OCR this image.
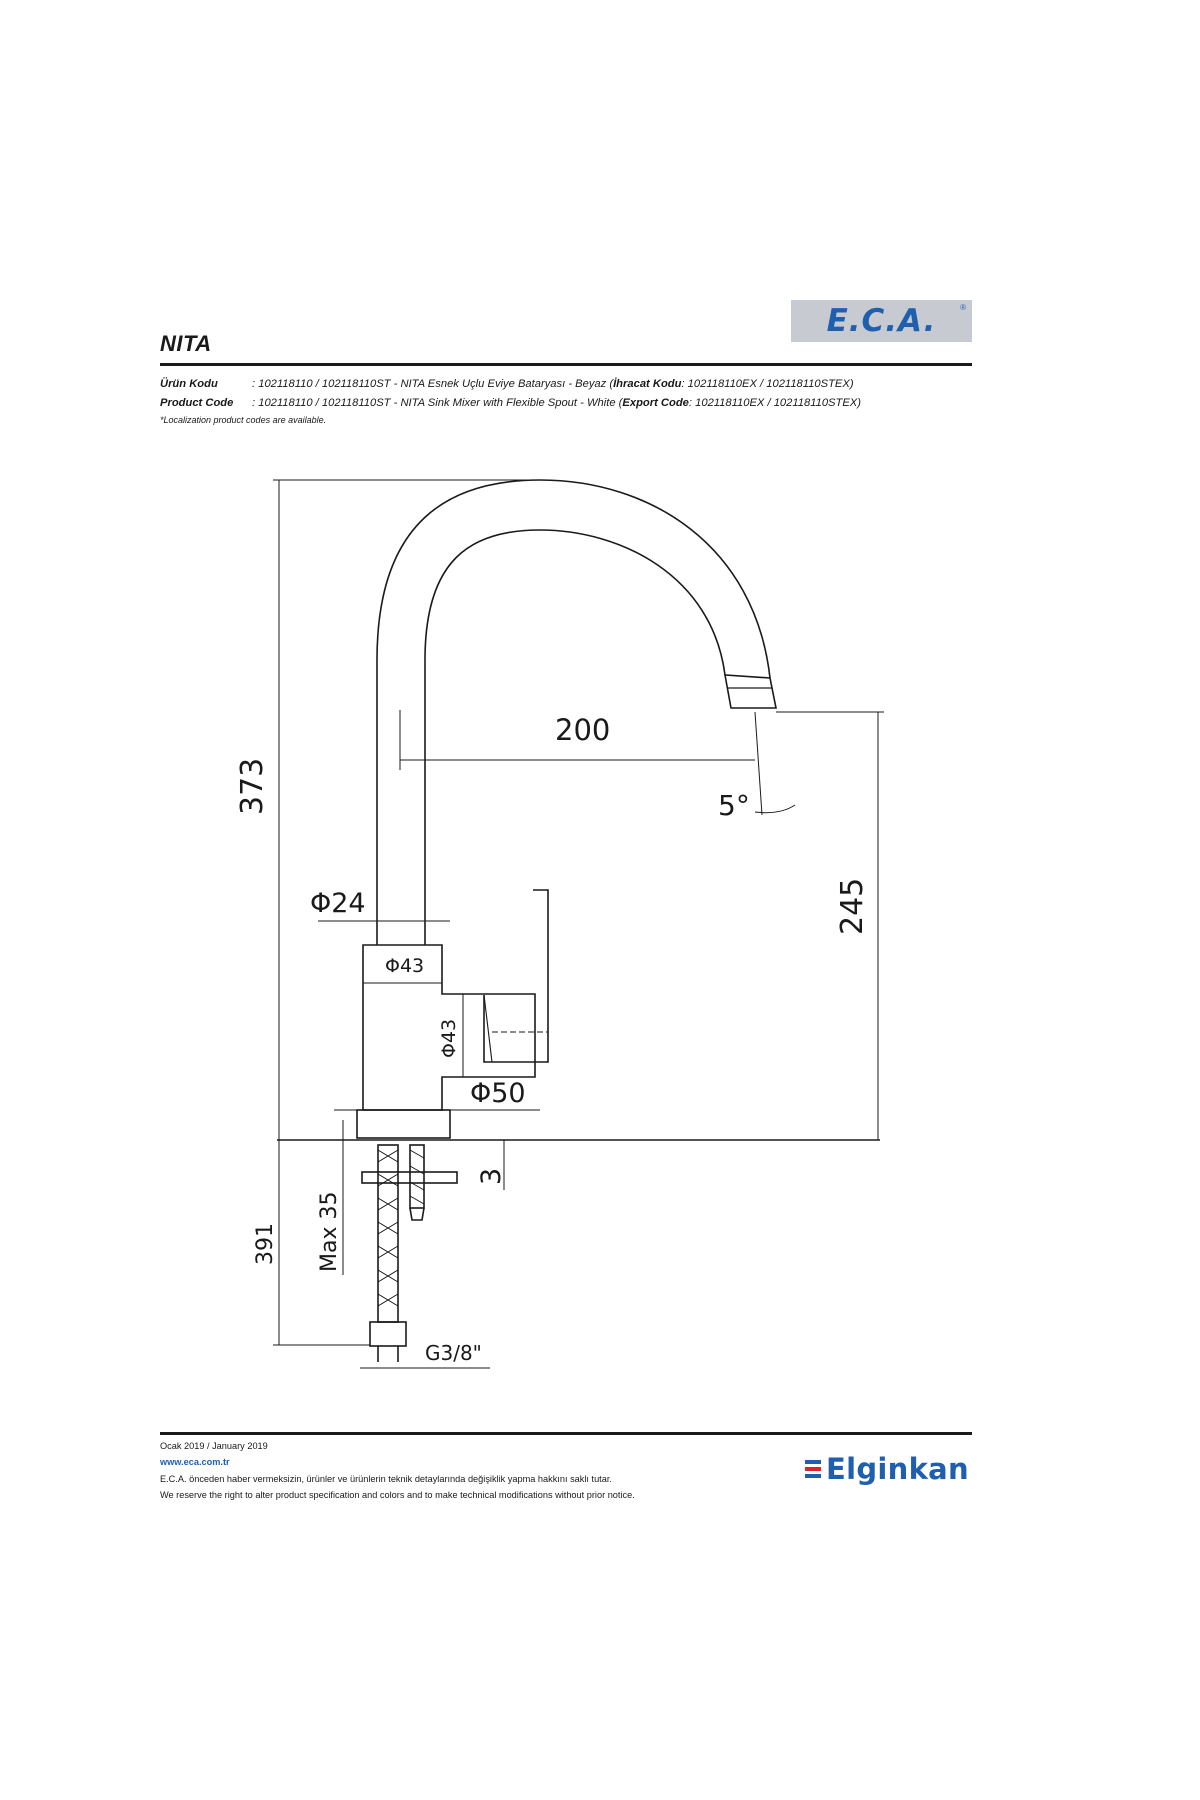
E.C.A.	®
NITA
Ürün Kodu	: 102118110 / 102118110ST - NITA Esnek Uçlu Eviye Bataryası - Beyaz (İhracat Kodu: 102118110EX / 102118110STEX)
Product Code : 102118110 / 102118110ST - NITA Sink Mixer with Flexible Spout - White (Export Code: 102118110EX / 102118110STEX)
*Localization product codes are available.
373
200
5°
245
Φ24
Φ43
Φ43
Φ50
3
Max 35
391
G3/8"
Ocak 2019 / January 2019
www.eca.com.tr
E.C.A. önceden haber vermeksizin, ürünler ve ürünlerin teknik detaylarında değişiklik yapma hakkını saklı tutar.
We reserve the right to alter product specification and colors and to make technical modifications without prior notice.
Elginkan
